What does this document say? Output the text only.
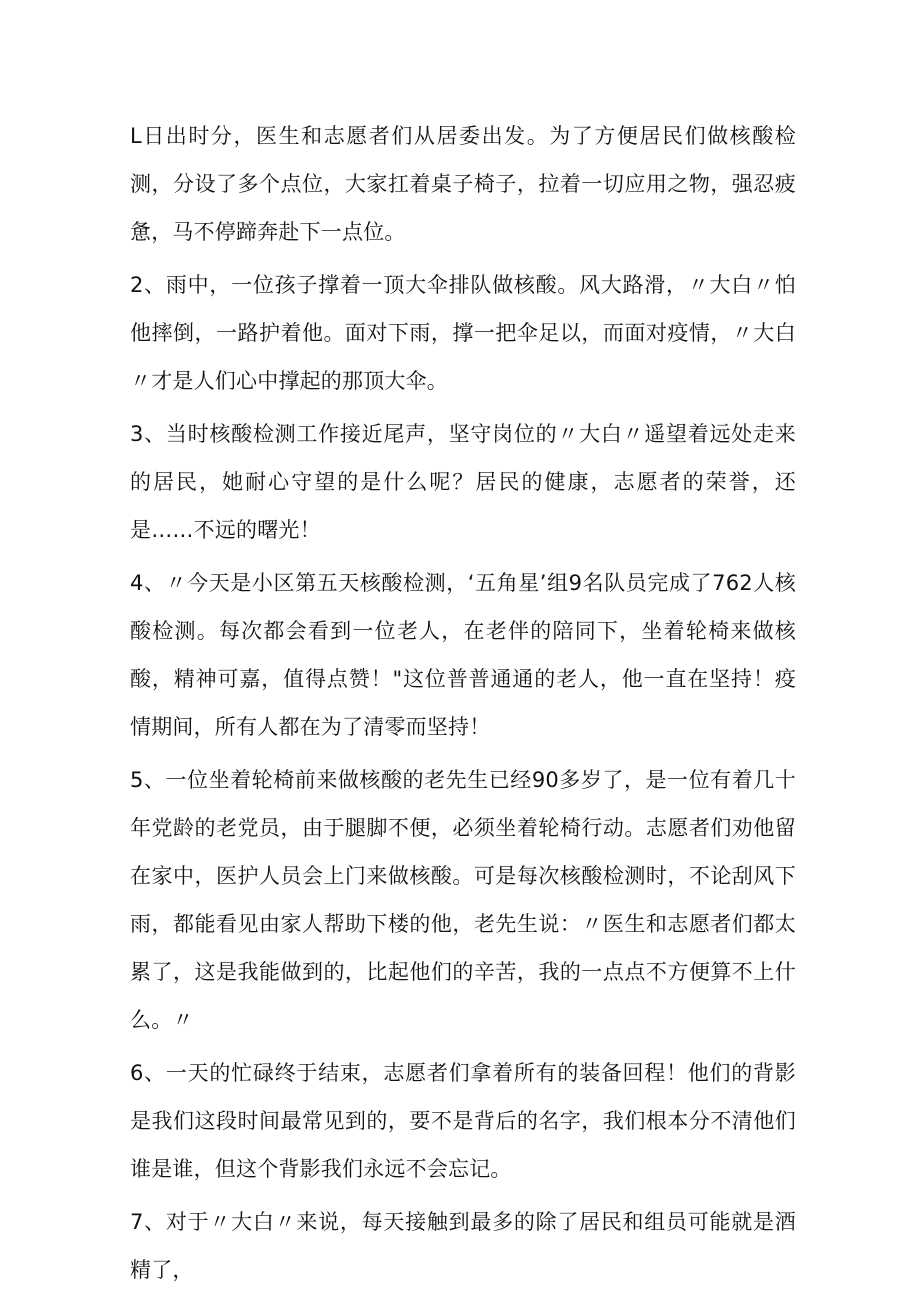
L日出时分，医生和志愿者们从居委出发。为了方便居民们做核酸检测，分设了多个点位，大家扛着桌子椅子，拉着一切应用之物，强忍疲惫，马不停蹄奔赴下一点位。

2、雨中，一位孩子撑着一顶大伞排队做核酸。风大路滑，〃大白〃怕他摔倒，一路护着他。面对下雨，撑一把伞足以，而面对疫情，〃大白〃才是人们心中撑起的那顶大伞。

3、当时核酸检测工作接近尾声，坚守岗位的〃大白〃遥望着远处走来的居民，她耐心守望的是什么呢？居民的健康，志愿者的荣誉，还是……不远的曙光！

4、〃今天是小区第五天核酸检测，‘五角星’组9名队员完成了762人核酸检测。每次都会看到一位老人，在老伴的陪同下，坐着轮椅来做核酸，精神可嘉，值得点赞！"这位普普通通的老人，他一直在坚持！疫情期间，所有人都在为了清零而坚持！

5、一位坐着轮椅前来做核酸的老先生已经90多岁了，是一位有着几十年党龄的老党员，由于腿脚不便，必须坐着轮椅行动。志愿者们劝他留在家中，医护人员会上门来做核酸。可是每次核酸检测时，不论刮风下雨，都能看见由家人帮助下楼的他，老先生说：〃医生和志愿者们都太累了，这是我能做到的，比起他们的辛苦，我的一点点不方便算不上什么。〃

6、一天的忙碌终于结束，志愿者们拿着所有的装备回程！他们的背影是我们这段时间最常见到的，要不是背后的名字，我们根本分不清他们谁是谁，但这个背影我们永远不会忘记。

7、对于〃大白〃来说，每天接触到最多的除了居民和组员可能就是酒精了，
